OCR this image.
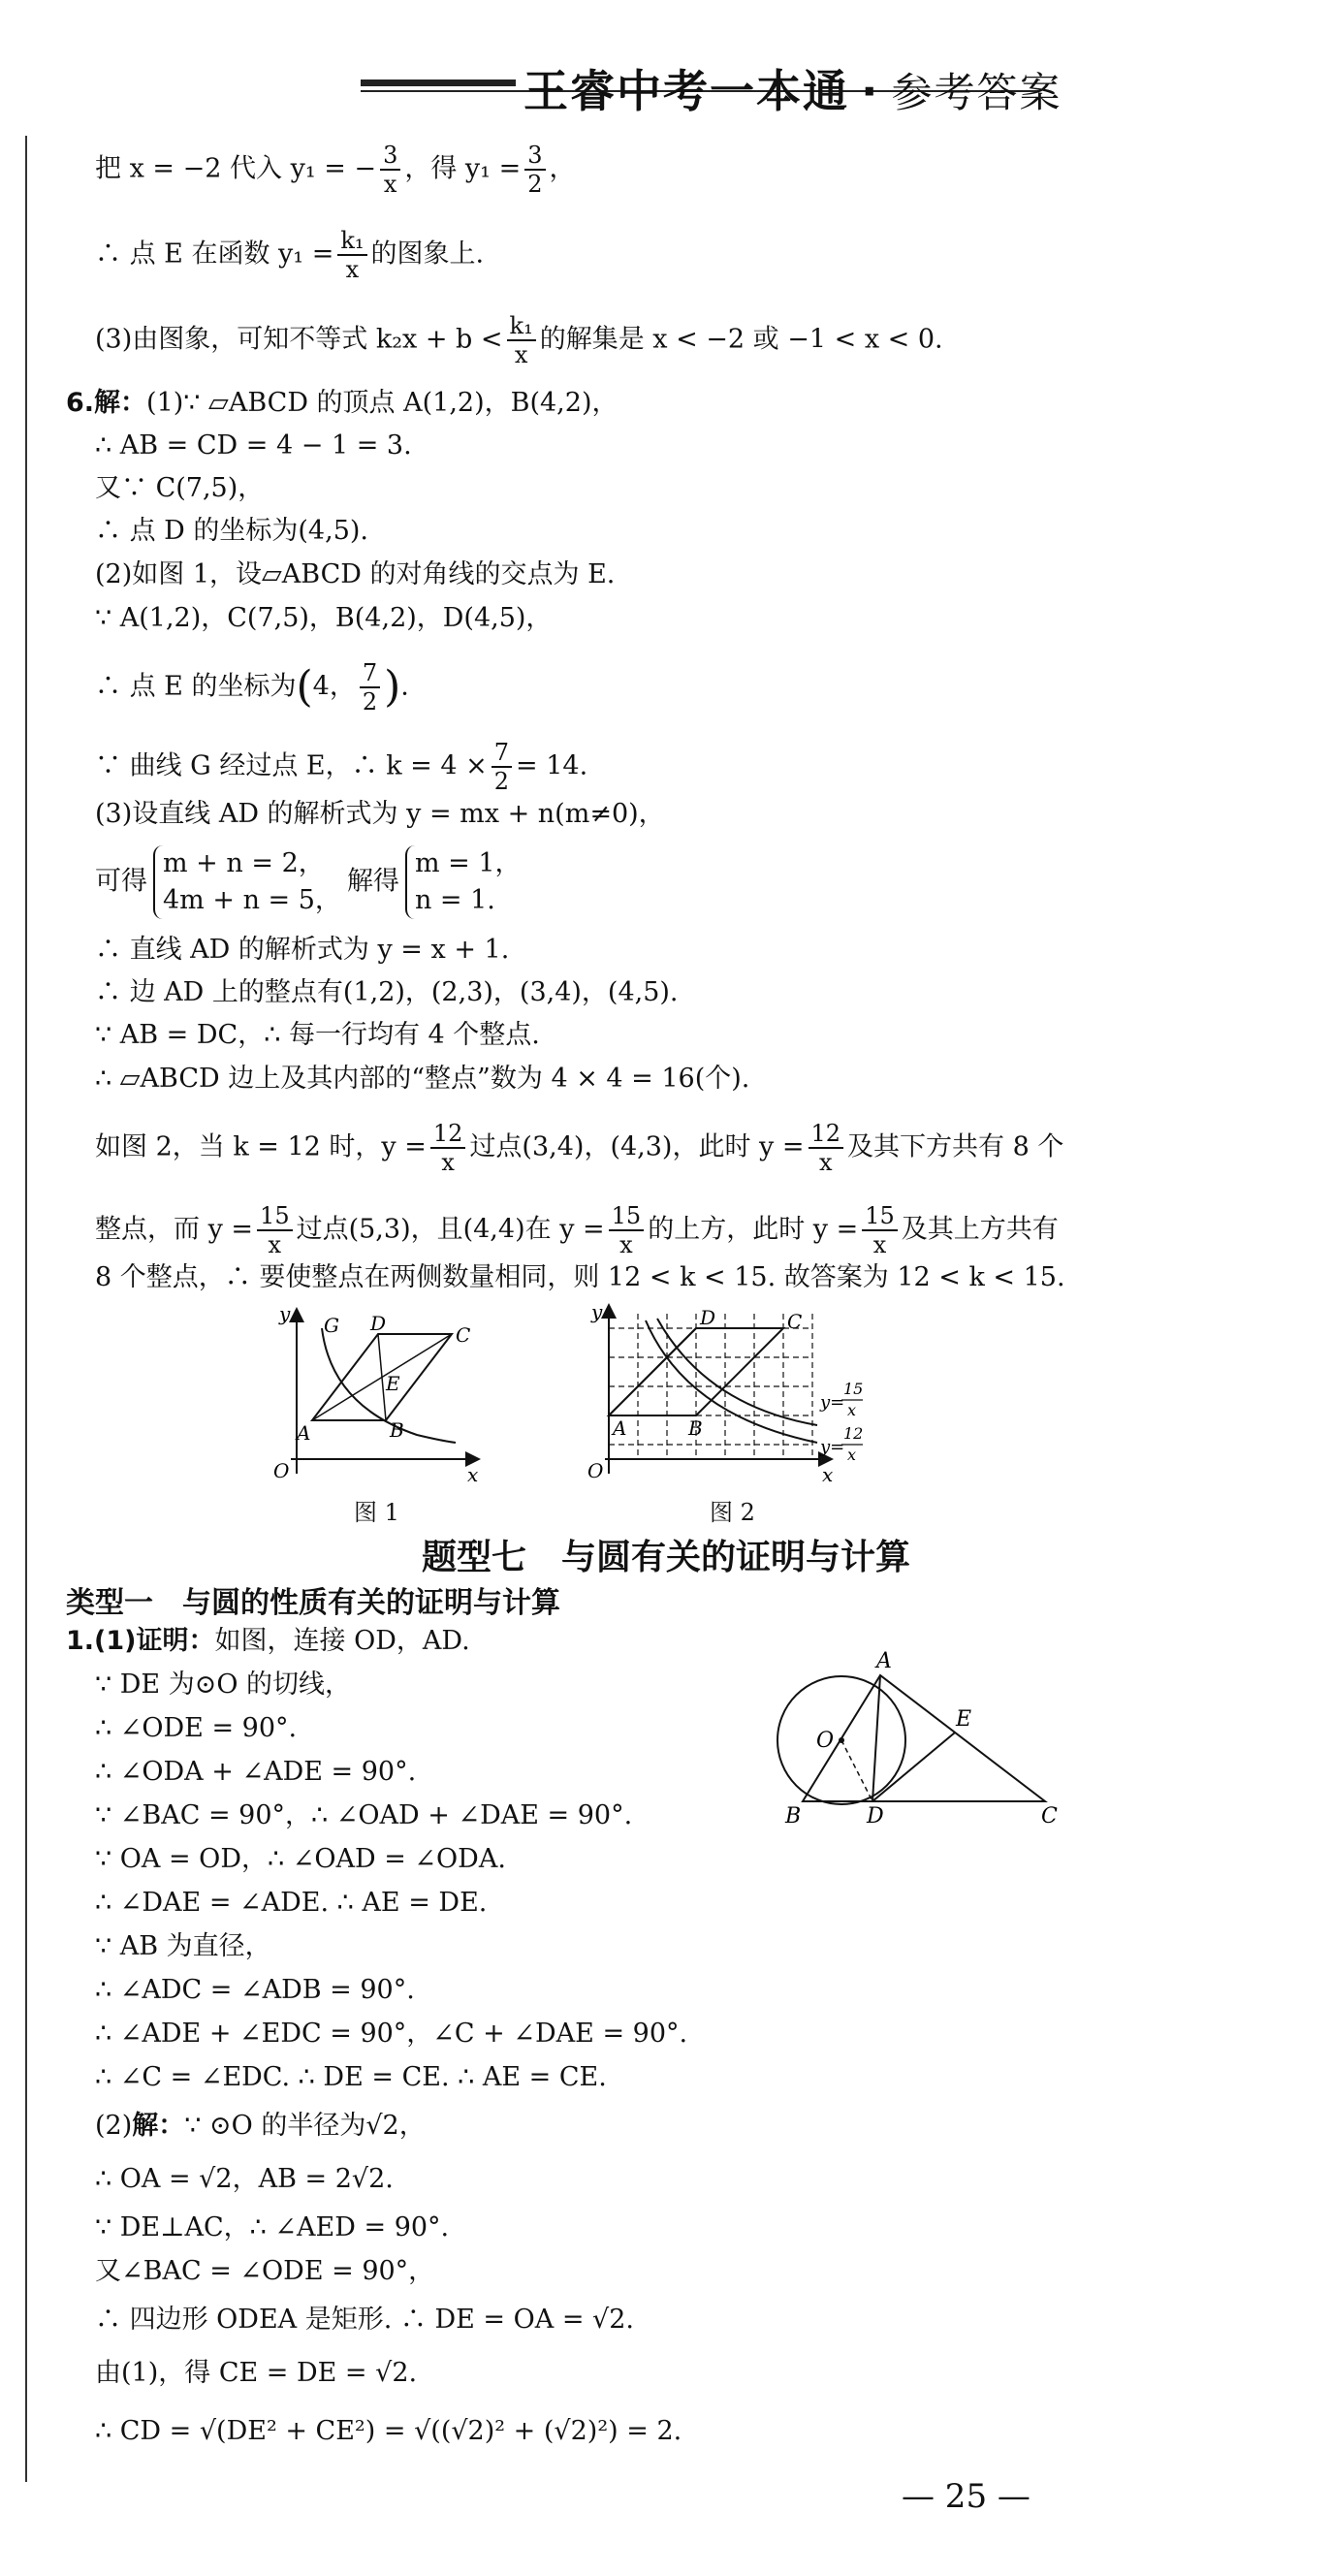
王睿中考一本通 · 参考答案
把 x = −2 代入 y₁ = − $\frac{3}{x}$ ，得 $y_1 = \frac{3}{2}$ ，
∴ 点 E 在函数 $y_1 = \frac{\text{k₁}}{x}$ 的图象上.
(3)由图象，可知不等式 $k_2x + b < \frac{\text{k₁}}{x}$ 的解集是 x < −2 或 −1 < x < 0.
6.解：(1)∵ ▱ABCD 的顶点 A(1,2)，B(4,2)，
∴ AB = CD = 4 − 1 = 3.
又∵ C(7,5)，
∴ 点 D 的坐标为(4,5).
(2)如图 1，设▱ABCD 的对角线的交点为 E.
∵ A(1,2)，C(7,5)，B(4,2)，D(4,5)，
∴ 点 E 的坐标为(4， $\frac{7}{2}$ ).
∵ 曲线 G 经过点 E，∴ $k = 4 \times \frac{7}{2} = 14$.
(3)设直线 AD 的解析式为 y = mx + n(m≠0)，
可得
m + n = 2，
4m + n = 5，
解得
m = 1，
n = 1.
∴ 直线 AD 的解析式为 y = x + 1.
∴ 边 AD 上的整点有(1,2)，(2,3)，(3,4)，(4,5).
∵ AB = DC，∴ 每一行均有 4 个整点.
∴ ▱ABCD 边上及其内部的“整点”数为 4 × 4 = 16(个).
如图 2，当 k = 12 时，$y = \frac{12}{x}$ 过点(3,4)，(4,3)，此时 $y = \frac{12}{x}$ 及其下方共有 8 个
整点，而 $y = \frac{15}{x}$ 过点(5,3)，且(4,4)在 $y = \frac{15}{x}$ 的上方，此时 $y = \frac{15}{x}$ 及其上方共有
8 个整点，∴ 要使整点在两侧数量相同，则 12 < k < 15. 故答案为 12 < k < 15.
y
x
O
G
A	B
C
D
E
图 1
y
x
O
A	B
C
D
y=
15
x
y=
12
x
图 2
题型七　与圆有关的证明与计算
类型一　与圆的性质有关的证明与计算
1.(1)证明：如图，连接 OD，AD.
∵ DE 为⊙O 的切线，
∴ ∠ODE = 90°.
∴ ∠ODA + ∠ADE = 90°.
∵ ∠BAC = 90°，∴ ∠OAD + ∠DAE = 90°.
∵ OA = OD，∴ ∠OAD = ∠ODA.
∴ ∠DAE = ∠ADE. ∴ AE = DE.
∵ AB 为直径，
∴ ∠ADC = ∠ADB = 90°.
∴ ∠ADE + ∠EDC = 90°，∠C + ∠DAE = 90°.
∴ ∠C = ∠EDC. ∴ DE = CE. ∴ AE = CE.
(2)解：∵ ⊙O 的半径为√2，
∴ OA = √2，AB = 2√2.
∵ DE⊥AC，∴ ∠AED = 90°.
又∠BAC = ∠ODE = 90°，
∴ 四边形 ODEA 是矩形. ∴ DE = OA = √2.
由(1)，得 CE = DE = √2.
∴ CD = √(DE² + CE²) = √((√2)² + (√2)²) = 2.
A
B	C
D
E
O
— 25 —
